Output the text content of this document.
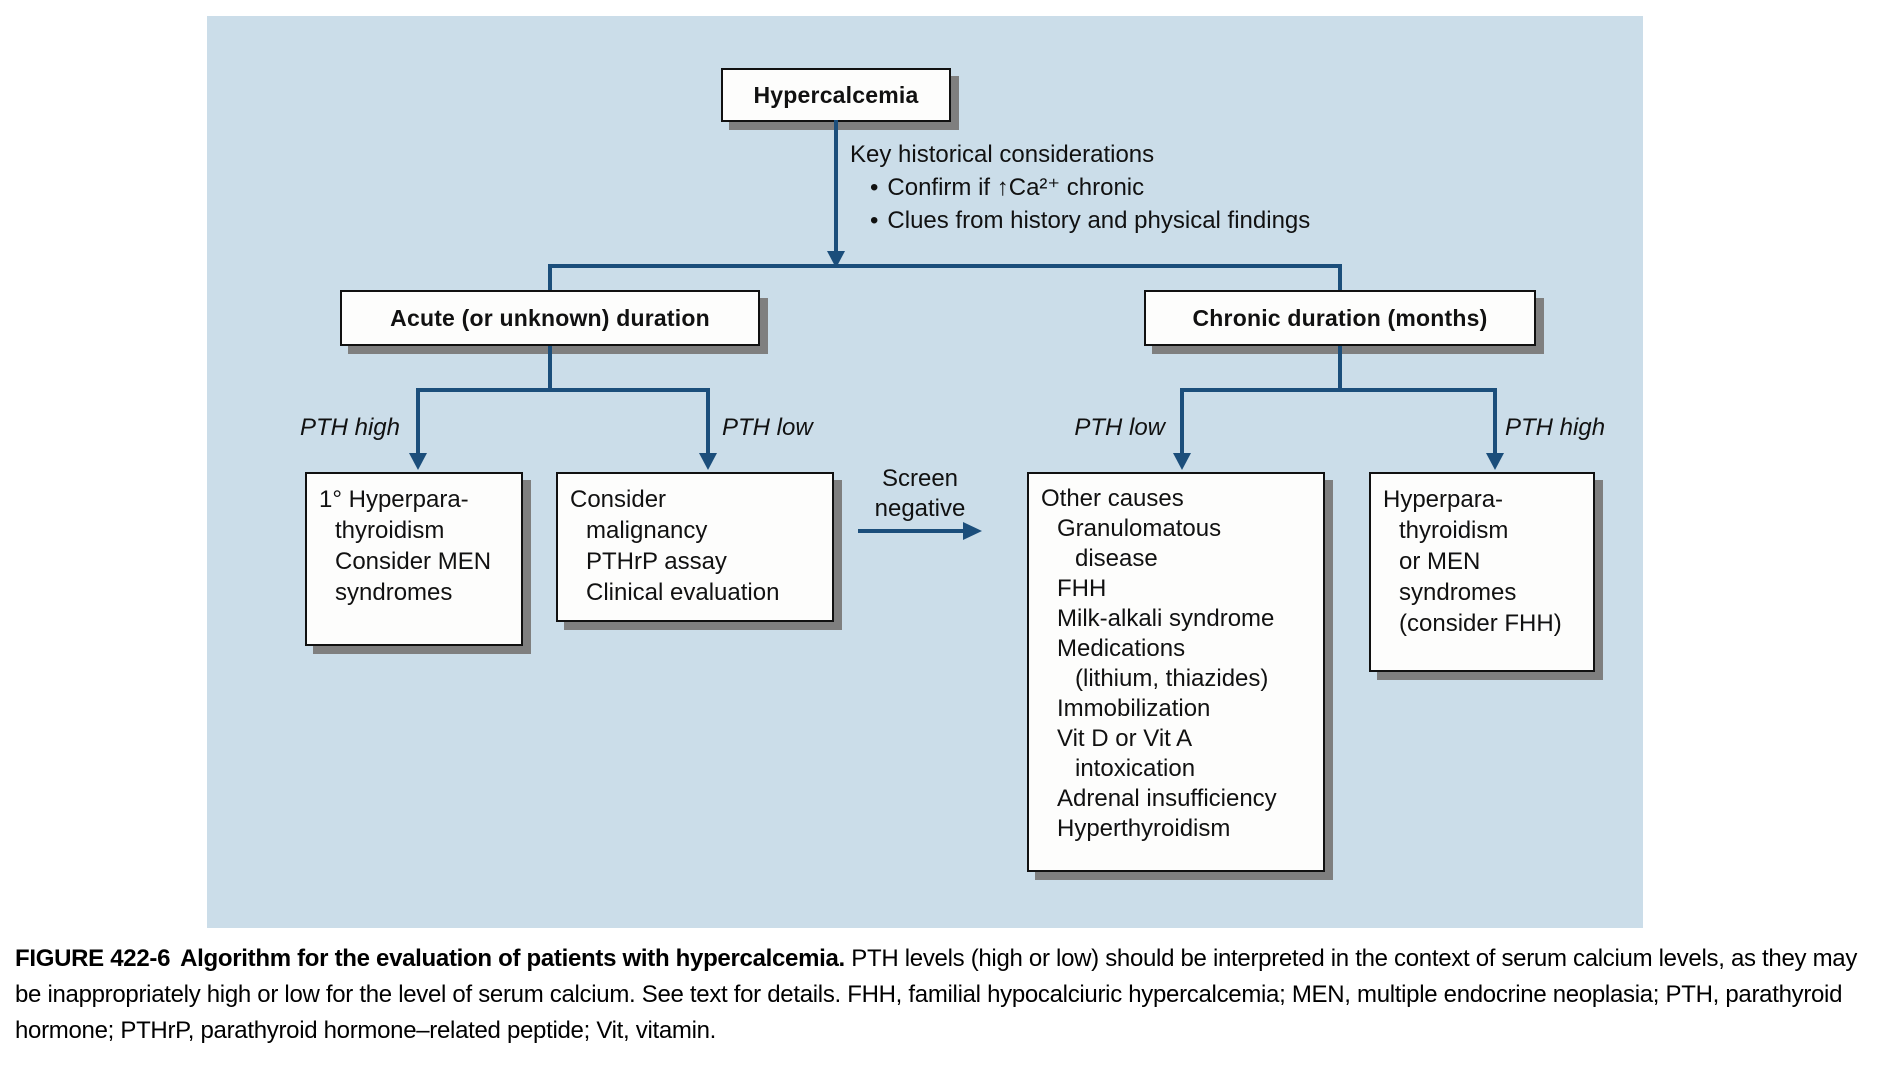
Hypercalcemia
Key historical considerations
• Confirm if ↑Ca²⁺ chronic
• Clues from history and physical findings
Acute (or unknown) duration	Chronic duration (months)
PTH high	PTH low
1° Hyperpara-
thyroidism
Consider MEN
syndromes
Consider
malignancy
PTHrP assay
Clinical evaluation
Screen
negative
PTH low	PTH high
Other causes
Granulomatous
disease
FHH
Milk-alkali syndrome
Medications
(lithium, thiazides)
Immobilization
Vit D or Vit A
intoxication
Adrenal insufficiency
Hyperthyroidism
Hyperpara-
thyroidism
or MEN
syndromes
(consider FHH)
FIGURE 422-6 Algorithm for the evaluation of patients with hypercalcemia. PTH levels (high or low) should be interpreted in the context of serum calcium levels, as they may be inappropriately high or low for the level of serum calcium. See text for details. FHH, familial hypocalciuric hypercalcemia; MEN, multiple endocrine neoplasia; PTH, parathyroid hormone; PTHrP, parathyroid hormone–related peptide; Vit, vitamin.
